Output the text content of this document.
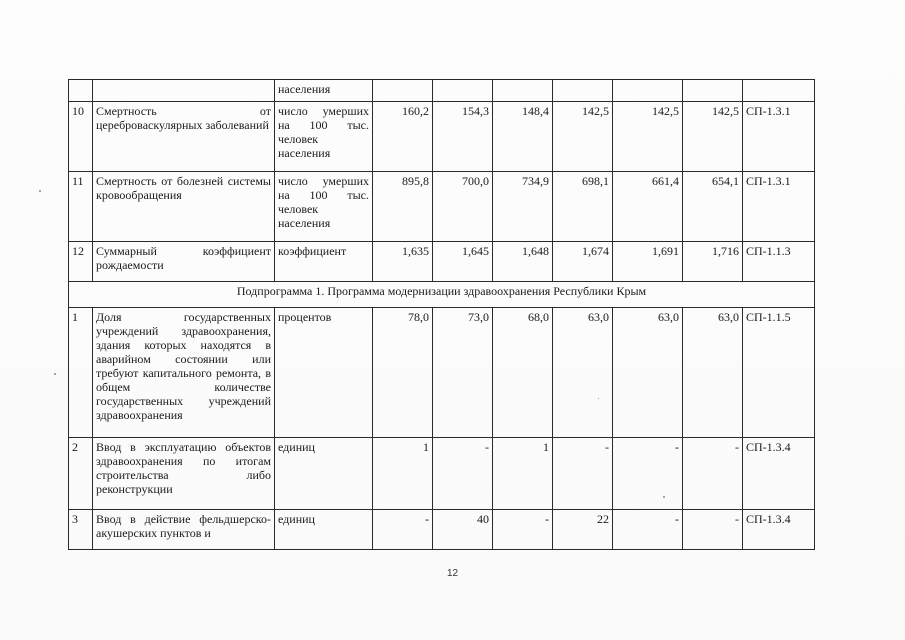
		населения							
10	Смертность от цереброваскулярных заболеваний	число умерших на 100 тыс. человек населения	160,2	154,3	148,4	142,5	142,5	142,5	СП-1.3.1
11	Смертность от болезней системы кровообращения	число умерших на 100 тыс. человек населения	895,8	700,0	734,9	698,1	661,4	654,1	СП-1.3.1
12	Суммарный коэффициент рождаемости	коэффициент	1,635	1,645	1,648	1,674	1,691	1,716	СП-1.1.3
Подпрограмма 1. Программа модернизации здравоохранения Республики Крым									
1	Доля государственных учреждений здравоохранения, здания которых находятся в аварийном состоянии или требуют капитального ремонта, в общем количестве государственных учреждений здравоохранения	процентов	78,0	73,0	68,0	63,0	63,0	63,0	СП-1.1.5
2	Ввод в эксплуатацию объектов здравоохранения по итогам строительства либо реконструкции	единиц	1	-	1	-	-	-	СП-1.3.4
3	Ввод в действие фельдшерско-акушерских пунктов и	единиц	-	40	-	22	-	-	СП-1.3.4
12
